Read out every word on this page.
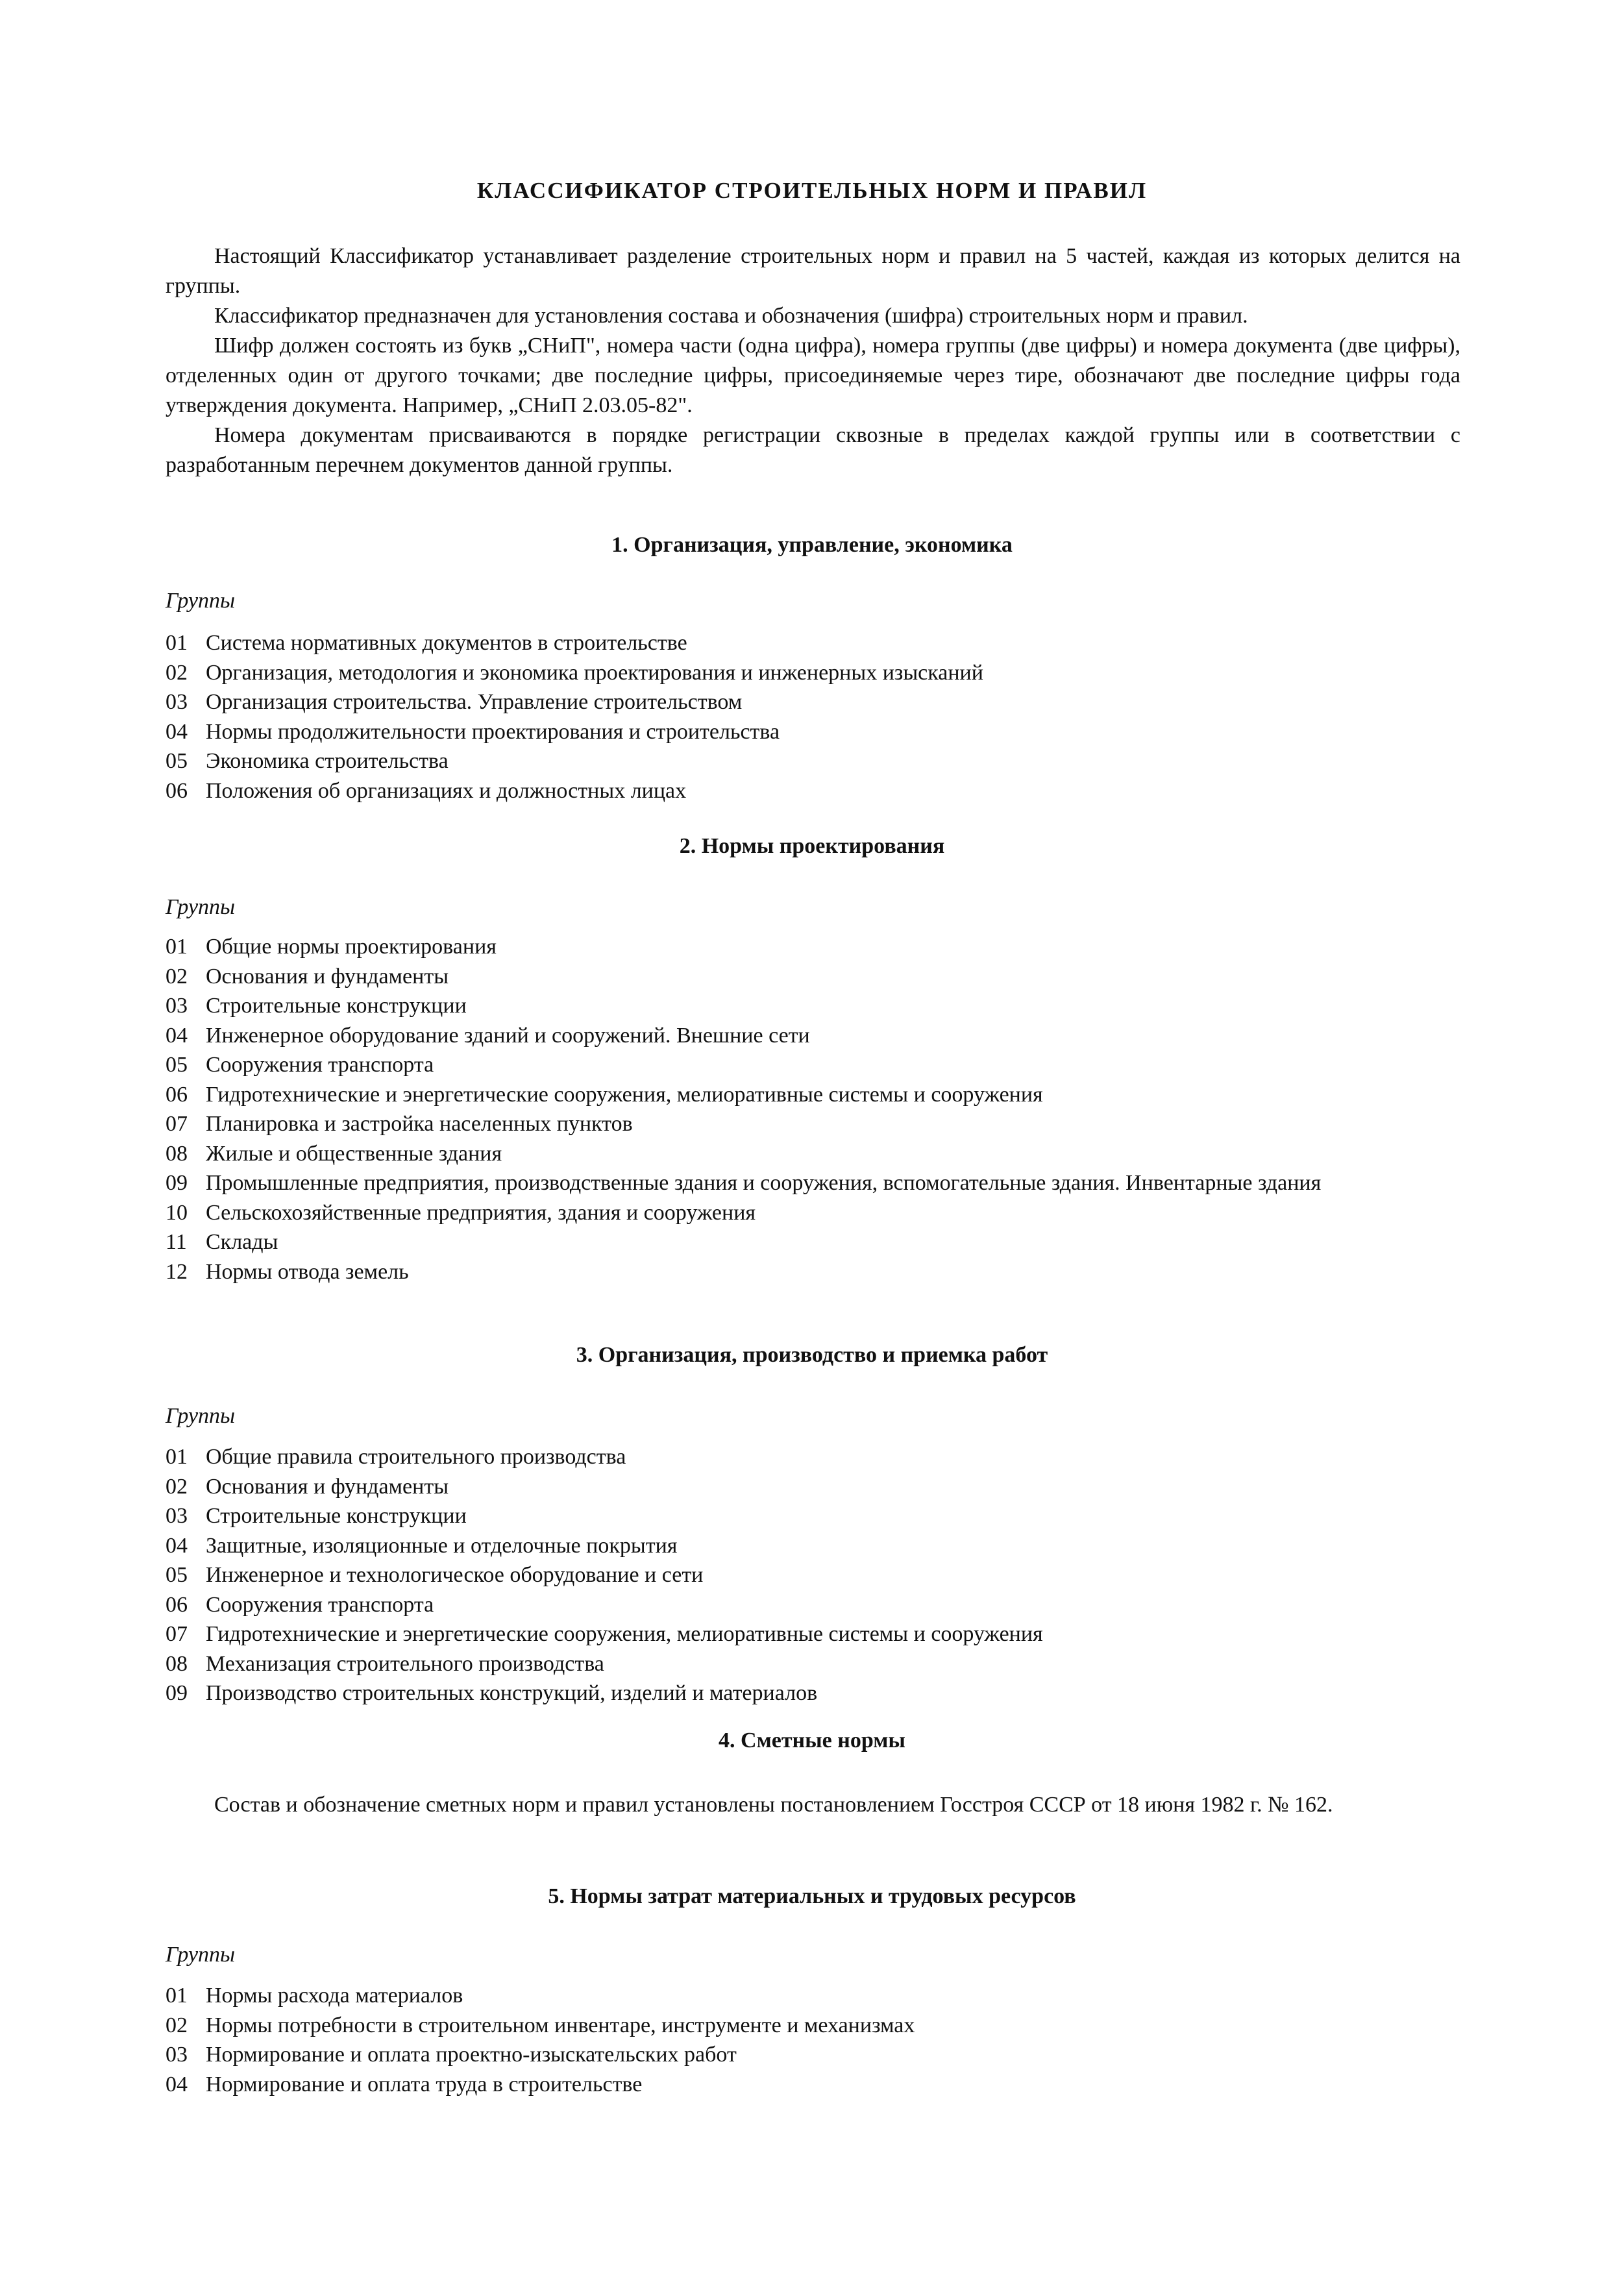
КЛАССИФИКАТОР СТРОИТЕЛЬНЫХ НОРМ И ПРАВИЛ

Настоящий Классификатор устанавливает разделение строительных норм и правил на 5 частей, каждая из которых делится на группы.

Классификатор предназначен для установления состава и обозначения (шифра) строительных норм и правил.

Шифр должен состоять из букв „СНиП", номера части (одна цифра), номера группы (две цифры) и номера документа (две цифры), отделенных один от другого точками; две последние цифры, присоединяемые через тире, обозначают две последние цифры года утверждения документа. Например, „СНиП 2.03.05-82".

Номера документам присваиваются в порядке регистрации сквозные в пределах каждой группы или в соответствии с разработанным перечнем документов данной группы.

1. Организация, управление, экономика
Группы
01 Система нормативных документов в строительстве
02 Организация, методология и экономика проектирования и инженерных изысканий
03 Организация строительства. Управление строительством
04 Нормы продолжительности проектирования и строительства
05 Экономика строительства
06 Положения об организациях и должностных лицах
2. Нормы проектирования
Группы
01 Общие нормы проектирования
02 Основания и фундаменты
03 Строительные конструкции
04 Инженерное оборудование зданий и сооружений. Внешние сети
05 Сооружения транспорта
06 Гидротехнические и энергетические сооружения, мелиоративные системы и сооружения
07 Планировка и застройка населенных пунктов
08 Жилые и общественные здания
09 Промышленные предприятия, производственные здания и сооружения, вспомогательные здания. Инвентарные здания
10 Сельскохозяйственные предприятия, здания и сооружения
11 Склады
12 Нормы отвода земель
3. Организация, производство и приемка работ
Группы
01 Общие правила строительного производства
02 Основания и фундаменты
03 Строительные конструкции
04 Защитные, изоляционные и отделочные покрытия
05 Инженерное и технологическое оборудование и сети
06 Сооружения транспорта
07 Гидротехнические и энергетические сооружения, мелиоративные системы и сооружения
08 Механизация строительного производства
09 Производство строительных конструкций, изделий и материалов
4. Сметные нормы

Состав и обозначение сметных норм и правил установлены постановлением Госстроя СССР от 18 июня 1982 г. № 162.

5. Нормы затрат материальных и трудовых ресурсов
Группы
01 Нормы расхода материалов
02 Нормы потребности в строительном инвентаре, инструменте и механизмах
03 Нормирование и оплата проектно-изыскательских работ
04 Нормирование и оплата труда в строительстве
